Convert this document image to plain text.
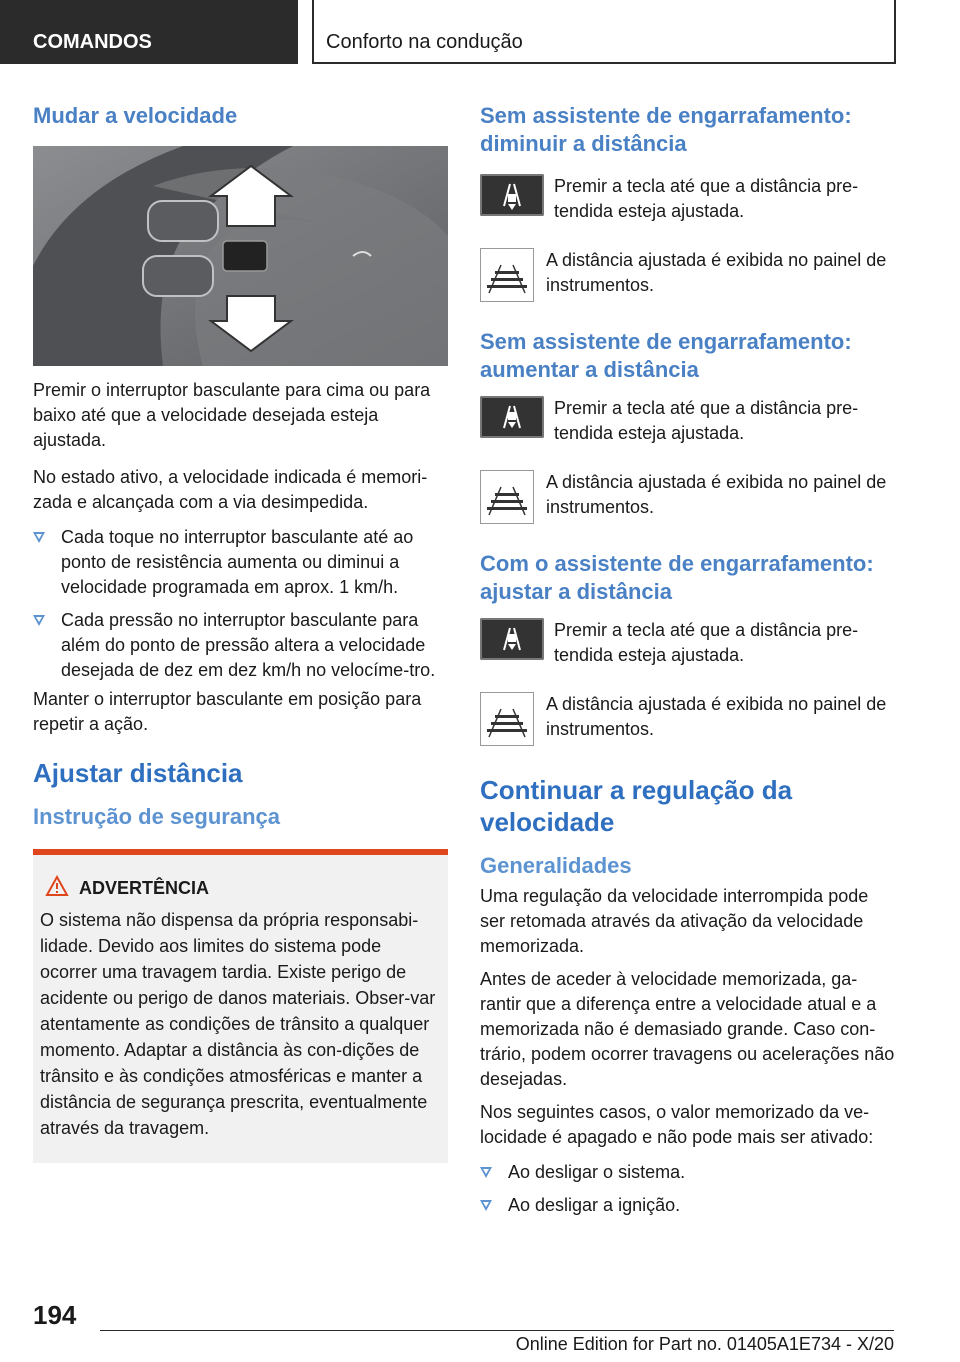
COMANDOS	Conforto na condução
Mudar a velocidade

Premir o interruptor basculante para cima ou para baixo até que a velocidade desejada esteja ajustada.

No estado ativo, a velocidade indicada é memori-zada e alcançada com a via desimpedida.

Cada toque no interruptor basculante até ao ponto de resistência aumenta ou diminui a velocidade programada em aprox. 1 km/h.
Cada pressão no interruptor basculante para além do ponto de pressão altera a velocidade desejada de dez em dez km/h no velocíme-tro.

Manter o interruptor basculante em posição para repetir a ação.

Ajustar distância
Instrução de segurança
ADVERTÊNCIA

O sistema não dispensa da própria responsabi-lidade. Devido aos limites do sistema pode ocorrer uma travagem tardia. Existe perigo de acidente ou perigo de danos materiais. Obser-var atentamente as condições de trânsito a qualquer momento. Adaptar a distância às con-dições de trânsito e às condições atmosféricas e manter a distância de segurança prescrita, eventualmente através da travagem.

Sem assistente de engarrafamento: diminuir a distância
Premir a tecla até que a distância pre-tendida esteja ajustada.
A distância ajustada é exibida no painel de instrumentos.
Sem assistente de engarrafamento: aumentar a distância
Premir a tecla até que a distância pre-tendida esteja ajustada.
A distância ajustada é exibida no painel de instrumentos.
Com o assistente de engarrafamento: ajustar a distância
Premir a tecla até que a distância pre-tendida esteja ajustada.
A distância ajustada é exibida no painel de instrumentos.
Continuar a regulação da velocidade
Generalidades

Uma regulação da velocidade interrompida pode ser retomada através da ativação da velocidade memorizada.

Antes de aceder à velocidade memorizada, ga-rantir que a diferença entre a velocidade atual e a memorizada não é demasiado grande. Caso con-trário, podem ocorrer travagens ou acelerações não desejadas.

Nos seguintes casos, o valor memorizado da ve-locidade é apagado e não pode mais ser ativado:

Ao desligar o sistema.
Ao desligar a ignição.
194
Online Edition for Part no. 01405A1E734 - X/20
